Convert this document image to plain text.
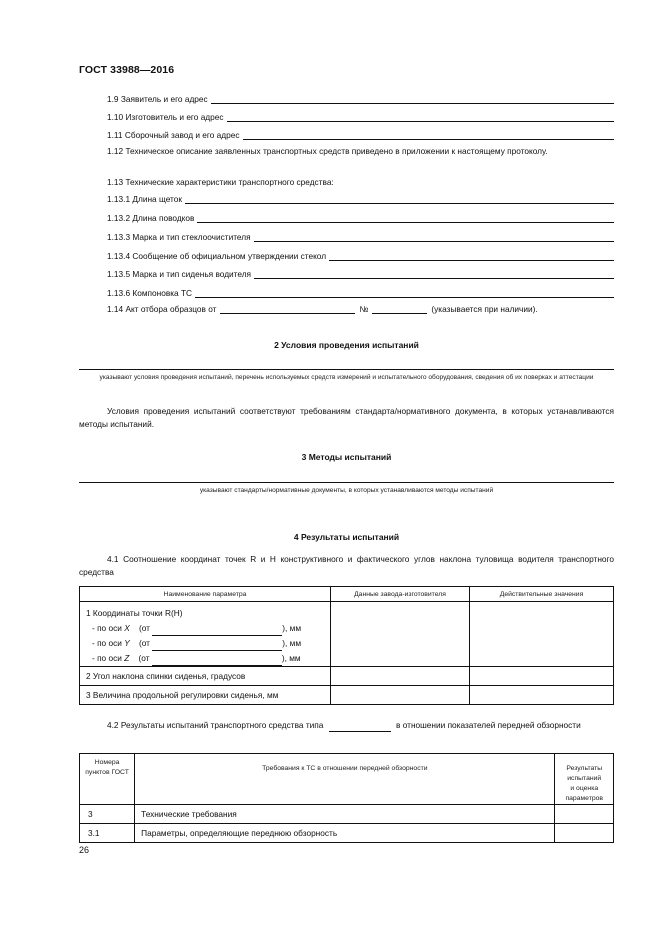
ГОСТ 33988—2016
1.9 Заявитель и его адрес
1.10 Изготовитель и его адрес
1.11 Сборочный завод и его адрес
1.12 Техническое описание заявленных транспортных средств приведено в приложении к настоящему протоколу.
1.13 Технические характеристики транспортного средства:
1.13.1 Длина щеток
1.13.2 Длина поводков
1.13.3 Марка и тип стеклоочистителя
1.13.4 Сообщение об официальном утверждении стекол
1.13.5 Марка и тип сиденья водителя
1.13.6 Компоновка ТС
1.14 Акт отбора образцов от	№	(указывается при наличии).
2 Условия проведения испытаний
указывают условия проведения испытаний, перечень используемых средств измерений и испытательного оборудования, сведения об их поверках и аттестации
Условия проведения испытаний соответствуют требованиям стандарта/нормативного документа, в которых устанавливаются методы испытаний.
3 Методы испытаний
указывают стандарты/нормативные документы, в которых устанавливаются методы испытаний
4 Результаты испытаний
4.1 Соотношение координат точек R и H конструктивного и фактического углов наклона туловища водителя транспортного средства
Наименование параметра	Данные завода-изготовителя	Действительные значения

1 Координаты точки R(H)
- по оси X (от ), мм
- по оси Y (от ), мм
- по оси Z (от ), мм		

2 Угол наклона спинки сиденья, градусов		
3 Величина продольной регулировки сиденья, мм		
4.2 Результаты испытаний транспортного средства типа	в отношении показателей передней обзорности
Номера пунктов ГОСТ	Требования к ТС в отношении передней обзорности	Результаты испытаний и оценка параметров
3	Технические требования	
3.1	Параметры, определяющие переднюю обзорность	
26
